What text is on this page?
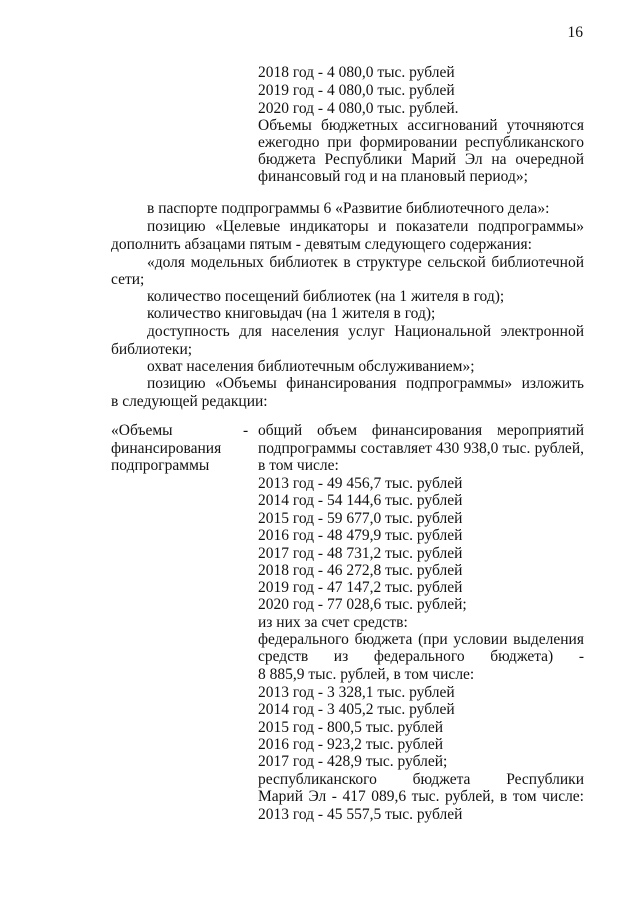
16
2018 год - 4 080,0 тыс. рублей
2019 год - 4 080,0 тыс. рублей
2020 год - 4 080,0 тыс. рублей.
Объемы бюджетных ассигнований уточняются
ежегодно при формировании республиканского
бюджета Республики Марий Эл на очередной
финансовый год и на плановый период»;
в паспорте подпрограммы 6 «Развитие библиотечного дела»:
позицию «Целевые индикаторы и показатели подпрограммы»
дополнить абзацами пятым - девятым следующего содержания:
«доля модельных библиотек в структуре сельской библиотечной
сети;
количество посещений библиотек (на 1 жителя в год);
количество книговыдач (на 1 жителя в год);
доступность для населения услуг Национальной электронной
библиотеки;
охват населения библиотечным обслуживанием»;
позицию «Объемы финансирования подпрограммы» изложить
в следующей редакции:
«Объемы
финансирования
подпрограммы
- общий объем финансирования мероприятий
подпрограммы составляет 430 938,0 тыс. рублей,
в том числе:
2013 год - 49 456,7 тыс. рублей
2014 год - 54 144,6 тыс. рублей
2015 год - 59 677,0 тыс. рублей
2016 год - 48 479,9 тыс. рублей
2017 год - 48 731,2 тыс. рублей
2018 год - 46 272,8 тыс. рублей
2019 год - 47 147,2 тыс. рублей
2020 год - 77 028,6 тыс. рублей;
из них за счет средств:
федерального бюджета (при условии выделения
средств из федерального бюджета) -
8 885,9 тыс. рублей, в том числе:
2013 год - 3 328,1 тыс. рублей
2014 год - 3 405,2 тыс. рублей
2015 год - 800,5 тыс. рублей
2016 год - 923,2 тыс. рублей
2017 год - 428,9 тыс. рублей;
республиканского бюджета Республики
Марий Эл - 417 089,6 тыс. рублей, в том числе:
2013 год - 45 557,5 тыс. рублей
